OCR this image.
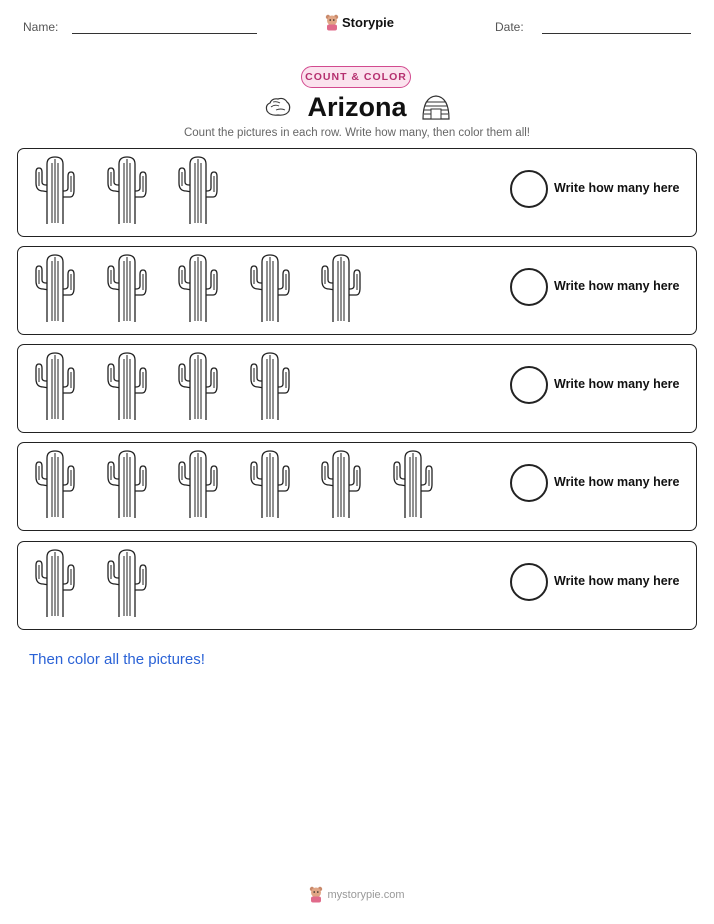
Name:	Storypie	Date:
COUNT & COLOR
Arizona
Count the pictures in each row. Write how many, then color them all!
Write how many here
Write how many here
Write how many here
Write how many here
Write how many here
Then color all the pictures!
mystorypie.com
